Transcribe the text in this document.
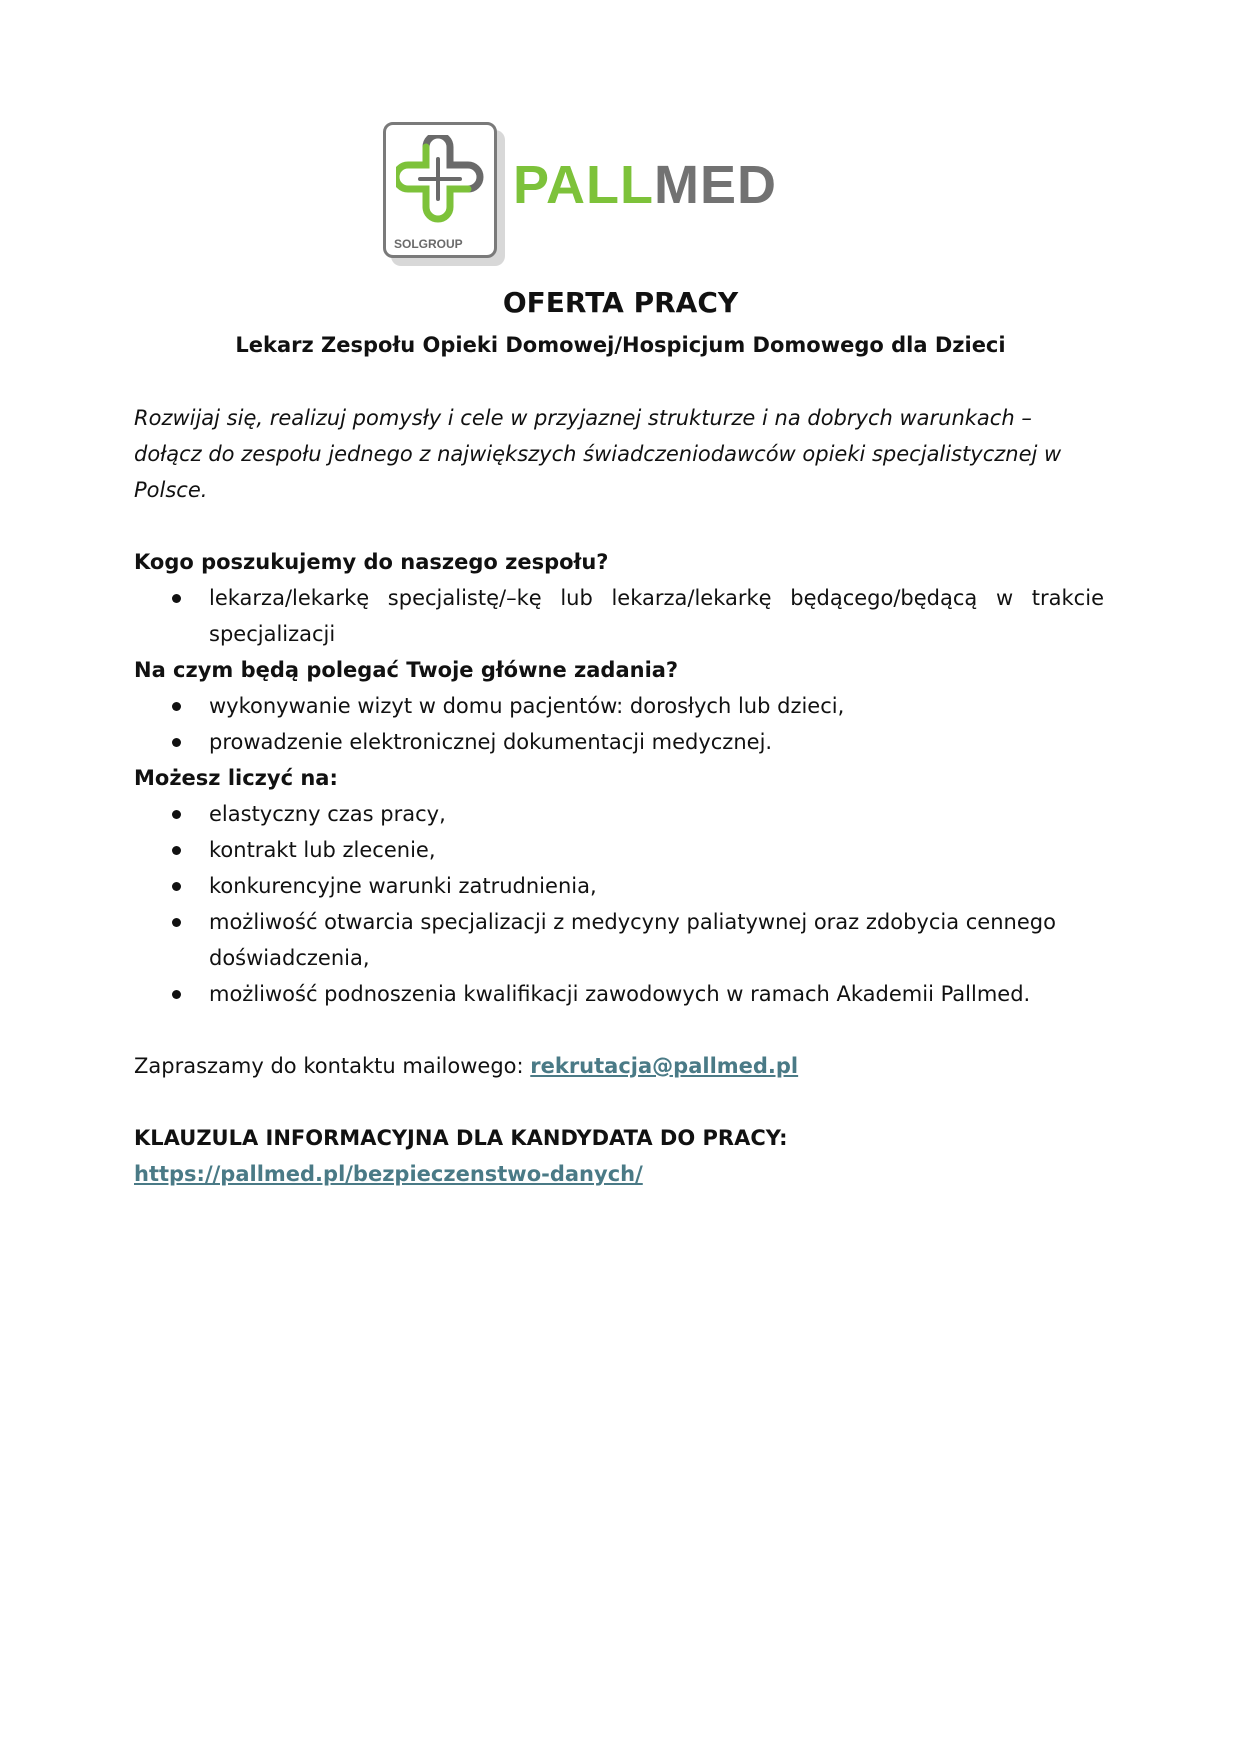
SOLGROUP
PALLMED
OFERTA PRACY
Lekarz Zespołu Opieki Domowej/Hospicjum Domowego dla Dzieci

Rozwijaj się, realizuj pomysły i cele w przyjaznej strukturze i na dobrych warunkach – dołącz do zespołu jednego z największych świadczeniodawców opieki specjalistycznej w Polsce.

Kogo poszukujemy do naszego zespołu?

lekarza/lekarkę specjalistę/–kę lub lekarza/lekarkę będącego/będącą w trakcie specjalizacji

Na czym będą polegać Twoje główne zadania?

wykonywanie wizyt w domu pacjentów: dorosłych lub dzieci,
prowadzenie elektronicznej dokumentacji medycznej.

Możesz liczyć na:

elastyczny czas pracy,
kontrakt lub zlecenie,
konkurencyjne warunki zatrudnienia,
możliwość otwarcia specjalizacji z medycyny paliatywnej oraz zdobycia cennego doświadczenia,
możliwość podnoszenia kwalifikacji zawodowych w ramach Akademii Pallmed.

Zapraszamy do kontaktu mailowego: rekrutacja@pallmed.pl

KLAUZULA INFORMACYJNA DLA KANDYDATA DO PRACY:

https://pallmed.pl/bezpieczenstwo-danych/
